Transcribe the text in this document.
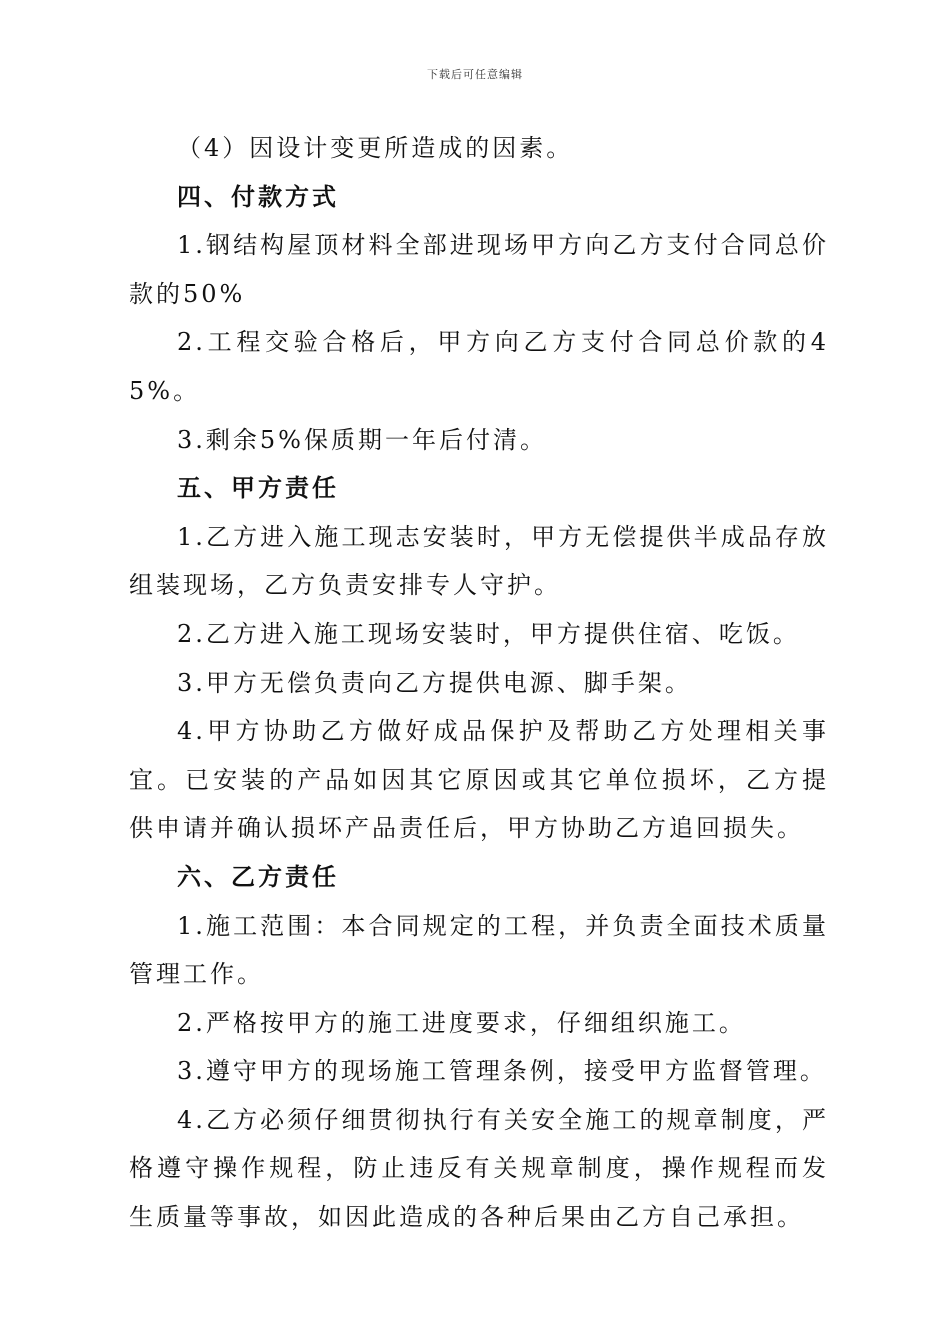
下载后可任意编辑

（4）因设计变更所造成的因素。

四、付款方式

1.钢结构屋顶材料全部进现场甲方向乙方支付合同总价款的50%

2.工程交验合格后，甲方向乙方支付合同总价款的45%。

3.剩余5%保质期一年后付清。

五、甲方责任

1.乙方进入施工现志安装时，甲方无偿提供半成品存放组装现场，乙方负责安排专人守护。

2.乙方进入施工现场安装时，甲方提供住宿、吃饭。

3.甲方无偿负责向乙方提供电源、脚手架。

4.甲方协助乙方做好成品保护及帮助乙方处理相关事宜。已安装的产品如因其它原因或其它单位损坏，乙方提供申请并确认损坏产品责任后，甲方协助乙方追回损失。

六、乙方责任

1.施工范围：本合同规定的工程，并负责全面技术质量管理工作。

2.严格按甲方的施工进度要求，仔细组织施工。

3.遵守甲方的现场施工管理条例，接受甲方监督管理。

4.乙方必须仔细贯彻执行有关安全施工的规章制度，严格遵守操作规程，防止违反有关规章制度，操作规程而发生质量等事故，如因此造成的各种后果由乙方自己承担。
